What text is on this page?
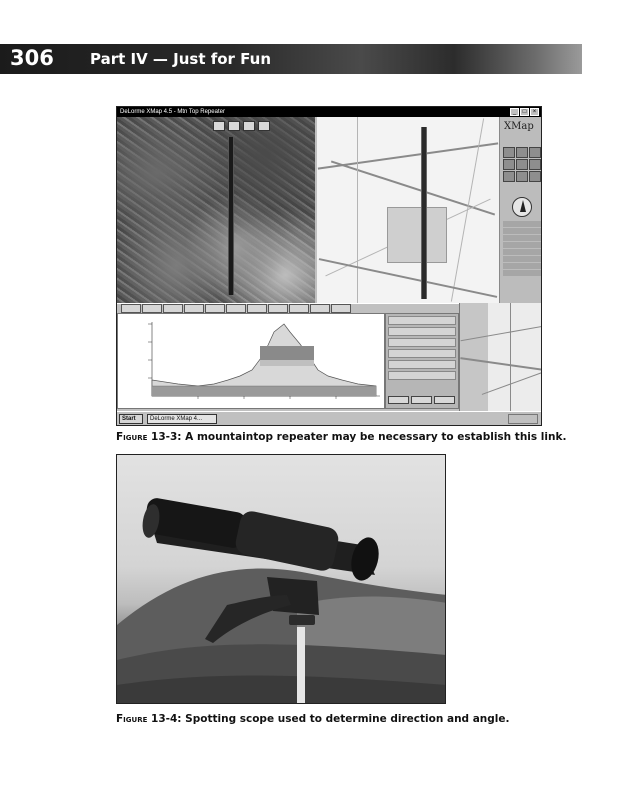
306 Part IV — Just for Fun
DeLorme XMap 4.5 - Mtn Top Repeater	_	□	×
XMap
Start	DeLorme XMap 4...
Figure 13-3: A mountaintop repeater may be necessary to establish this link.
Figure 13-4: Spotting scope used to determine direction and angle.
